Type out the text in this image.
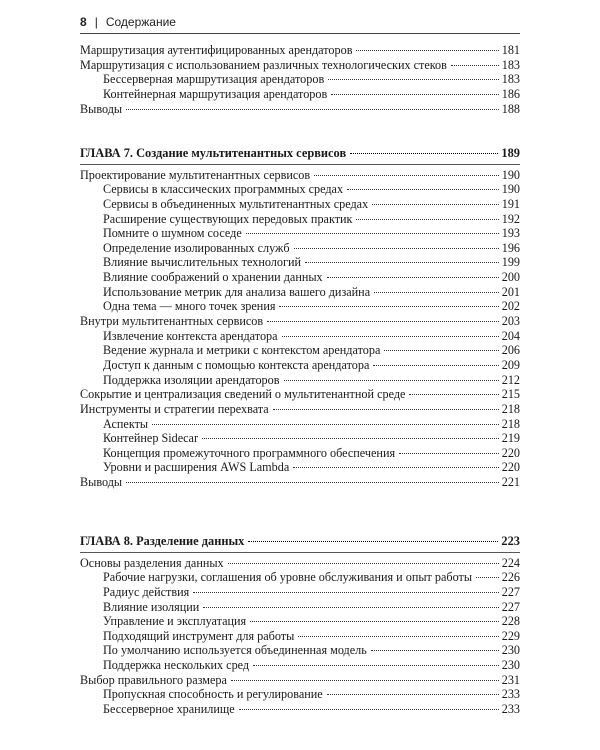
8 | Содержание
Маршрутизация аутентифицированных арендаторов	181
Маршрутизация с использованием различных технологических стеков	183
Бессерверная маршрутизация арендаторов	183
Контейнерная маршрутизация арендаторов	186
Выводы	188
ГЛАВА 7. Создание мультитенантных сервисов	189
Проектирование мультитенантных сервисов	190
Сервисы в классических программных средах	190
Сервисы в объединенных мультитенантных средах	191
Расширение существующих передовых практик	192
Помните о шумном соседе	193
Определение изолированных служб	196
Влияние вычислительных технологий	199
Влияние соображений о хранении данных	200
Использование метрик для анализа вашего дизайна	201
Одна тема — много точек зрения	202
Внутри мультитенантных сервисов	203
Извлечение контекста арендатора	204
Ведение журнала и метрики с контекстом арендатора	206
Доступ к данным с помощью контекста арендатора	209
Поддержка изоляции арендаторов	212
Сокрытие и централизация сведений о мультитенантной среде	215
Инструменты и стратегии перехвата	218
Аспекты	218
Контейнер Sidecar	219
Концепция промежуточного программного обеспечения	220
Уровни и расширения AWS Lambda	220
Выводы	221
ГЛАВА 8. Разделение данных	223
Основы разделения данных	224
Рабочие нагрузки, соглашения об уровне обслуживания и опыт работы 226
Радиус действия	227
Влияние изоляции	227
Управление и эксплуатация	228
Подходящий инструмент для работы	229
По умолчанию используется объединенная модель	230
Поддержка нескольких сред	230
Выбор правильного размера	231
Пропускная способность и регулирование	233
Бессерверное хранилище	233
